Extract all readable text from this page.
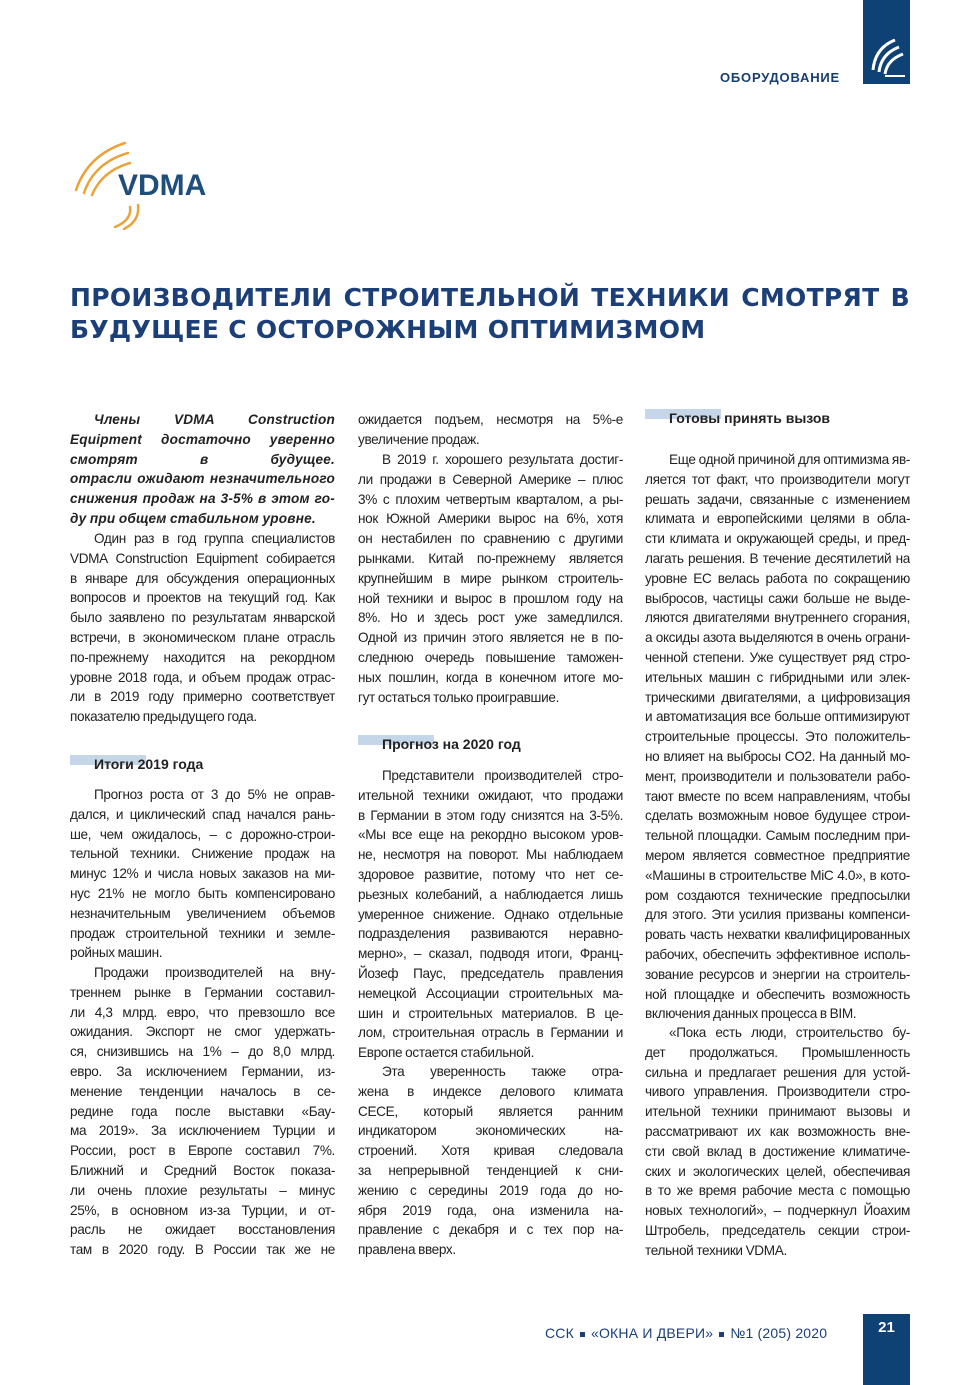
ОБОРУДОВАНИЕ
VDMA
ПРОИЗВОДИТЕЛИ СТРОИТЕЛЬНОЙ ТЕХНИКИ СМОТРЯТ В
БУДУЩЕЕ С ОСТОРОЖНЫМ ОПТИМИЗМОМ
Члены VDMA Construction
Equipment достаточно уверенно
смотрят в будущее.
отрасли ожидают незначительного
снижения продаж на 3-5% в этом го-
ду при общем стабильном уровне.
Один раз в год группа специалистов
VDMA Construction Equipment собирается
в январе для обсуждения операционных
вопросов и проектов на текущий год. Как
было заявлено по результатам январской
встречи, в экономическом плане отрасль
по-прежнему находится на рекордном
уровне 2018 года, и объем продаж отрас-
ли в 2019 году примерно соответствует
показателю предыдущего года.
Итоги 2019 года
Прогноз роста от 3 до 5% не оправ-
дался, и циклический спад начался рань-
ше, чем ожидалось, – с дорожно-строи-
тельной техники. Снижение продаж на
минус 12% и числа новых заказов на ми-
нус 21% не могло быть компенсировано
незначительным увеличением объемов
продаж строительной техники и земле-
ройных машин.
Продажи производителей на вну-
треннем рынке в Германии составил-
ли 4,3 млрд. евро, что превзошло все
ожидания. Экспорт не смог удержать-
ся, снизившись на 1% – до 8,0 млрд.
евро. За исключением Германии, из-
менение тенденции началось в се-
редине года после выставки «Бау-
ма 2019». За исключением Турции и
России, рост в Европе составил 7%.
Ближний и Средний Восток показа-
ли очень плохие результаты – минус
25%, в основном из-за Турции, и от-
расль не ожидает восстановления
там в 2020 году. В России так же не
ожидается подъем, несмотря на 5%-е
увеличение продаж.
В 2019 г. хорошего результата достиг-
ли продажи в Северной Америке – плюс
3% с плохим четвертым кварталом, а ры-
нок Южной Америки вырос на 6%, хотя
он нестабилен по сравнению с другими
рынками. Китай по-прежнему является
крупнейшим в мире рынком строитель-
ной техники и вырос в прошлом году на
8%. Но и здесь рост уже замедлился.
Одной из причин этого является не в по-
следнюю очередь повышение таможен-
ных пошлин, когда в конечном итоге мо-
гут остаться только проигравшие.
Прогноз на 2020 год
Представители производителей стро-
ительной техники ожидают, что продажи
в Германии в этом году снизятся на 3-5%.
«Мы все еще на рекордно высоком уров-
не, несмотря на поворот. Мы наблюдаем
здоровое развитие, потому что нет се-
рьезных колебаний, а наблюдается лишь
умеренное снижение. Однако отдельные
подразделения развиваются неравно-
мерно», – сказал, подводя итоги, Франц-
Йозеф Паус, председатель правления
немецкой Ассоциации строительных ма-
шин и строительных материалов. В це-
лом, строительная отрасль в Германии и
Европе остается стабильной.
Эта уверенность также отра-
жена в индексе делового климата
CECE, который является ранним
индикатором экономических на-
строений. Хотя кривая следовала
за непрерывной тенденцией к сни-
жению с середины 2019 года до но-
ября 2019 года, она изменила на-
правление с декабря и с тех пор на-
правлена вверх.
Готовы принять вызов
Еще одной причиной для оптимизма яв-
ляется тот факт, что производители могут
решать задачи, связанные с изменением
климата и европейскими целями в обла-
сти климата и окружающей среды, и пред-
лагать решения. В течение десятилетий на
уровне ЕС велась работа по сокращению
выбросов, частицы сажи больше не выде-
ляются двигателями внутреннего сгорания,
а оксиды азота выделяются в очень ограни-
ченной степени. Уже существует ряд стро-
ительных машин с гибридными или элек-
трическими двигателями, а цифровизация
и автоматизация все больше оптимизируют
строительные процессы. Это положитель-
но влияет на выбросы CO2. На данный мо-
мент, производители и пользователи рабо-
тают вместе по всем направлениям, чтобы
сделать возможным новое будущее строи-
тельной площадки. Самым последним при-
мером является совместное предприятие
«Машины в строительстве MiC 4.0», в кото-
ром создаются технические предпосылки
для этого. Эти усилия призваны компенси-
ровать часть нехватки квалифицированных
рабочих, обеспечить эффективное исполь-
зование ресурсов и энергии на строитель-
ной площадке и обеспечить возможность
включения данных процесса в BIM.
«Пока есть люди, строительство бу-
дет продолжаться. Промышленность
сильна и предлагает решения для устой-
чивого управления. Производители стро-
ительной техники принимают вызовы и
рассматривают их как возможность вне-
сти свой вклад в достижение климатиче-
ских и экологических целей, обеспечивая
в то же время рабочие места с помощью
новых технологий», – подчеркнул Йоахим
Штробель, председатель секции строи-
тельной техники VDMA.
ССК «ОКНА И ДВЕРИ» №1 (205) 2020	21
